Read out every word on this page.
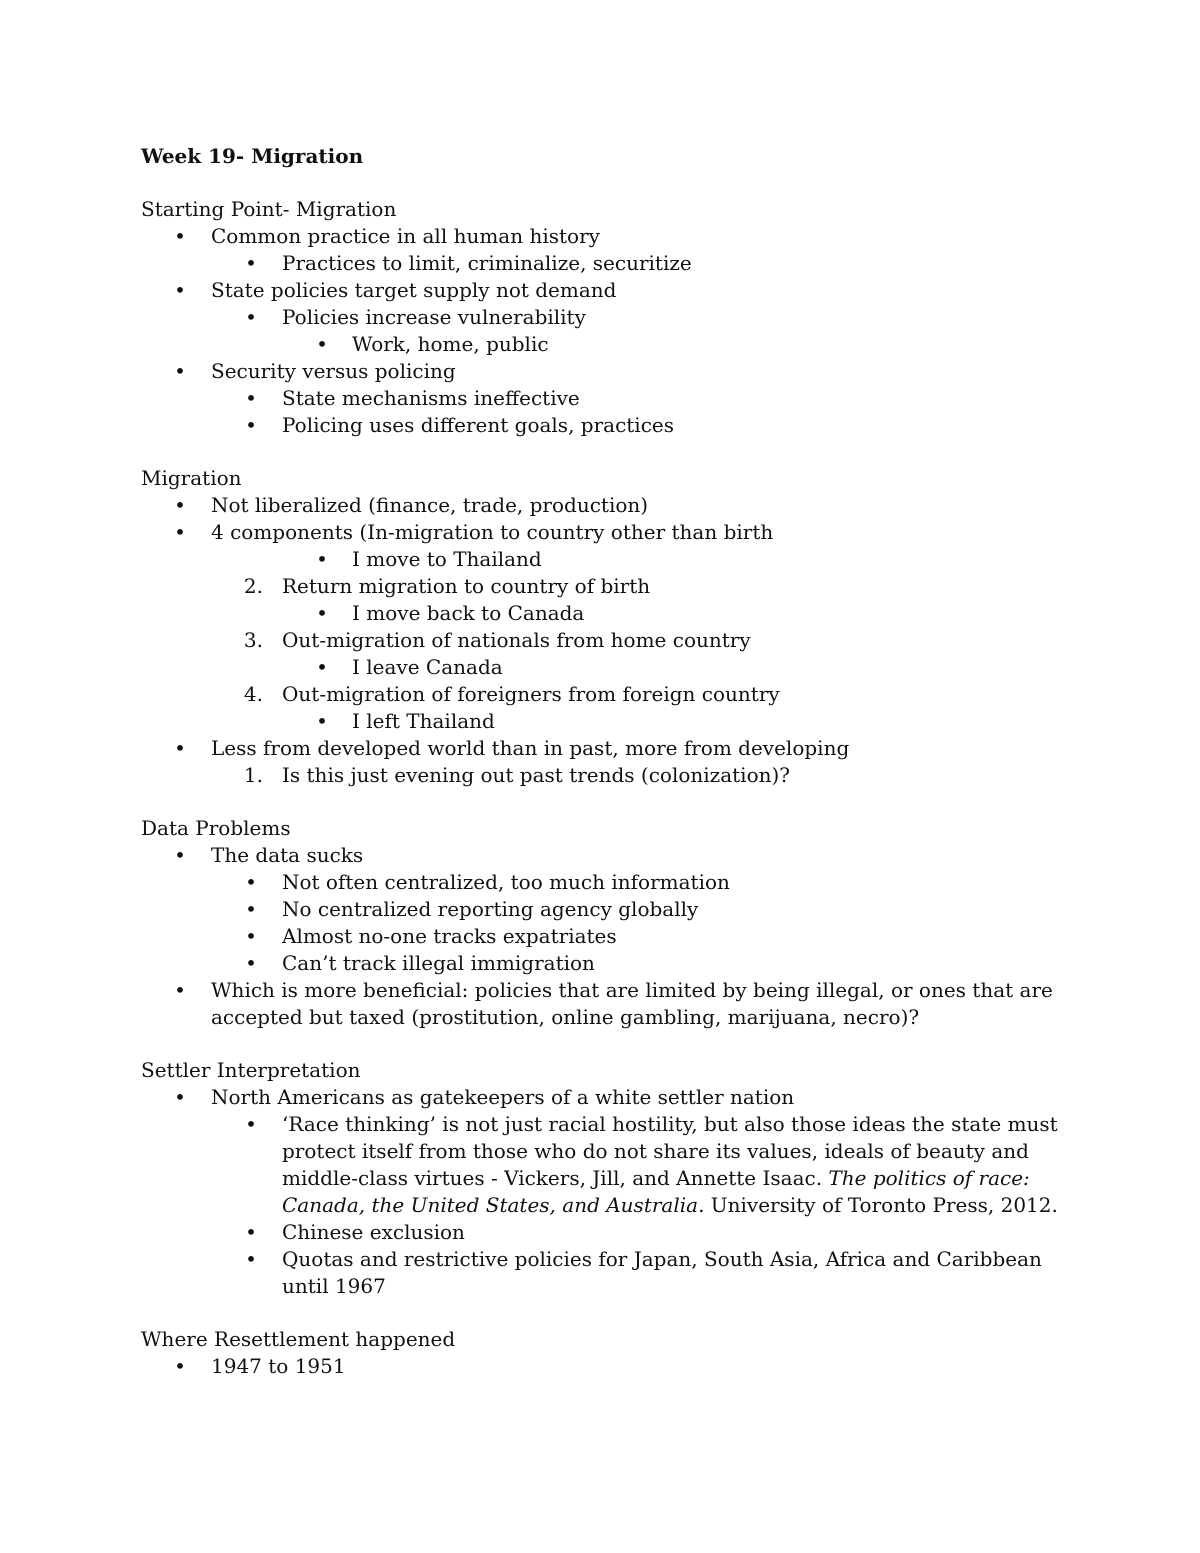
Week 19- Migration
Starting Point- Migration
•	Common practice in all human history
•	Practices to limit, criminalize, securitize
•	State policies target supply not demand
•	Policies increase vulnerability
•	Work, home, public
•	Security versus policing
•	State mechanisms ineffective
•	Policing uses different goals, practices
Migration
•	Not liberalized (finance, trade, production)
•	4 components (In-migration to country other than birth
•	I move to Thailand
2. Return migration to country of birth
•	I move back to Canada
3. Out-migration of nationals from home country
•	I leave Canada
4. Out-migration of foreigners from foreign country
•	I left Thailand
•	Less from developed world than in past, more from developing
1. Is this just evening out past trends (colonization)?
Data Problems
•	The data sucks
•	Not often centralized, too much information
•	No centralized reporting agency globally
•	Almost no-one tracks expatriates
•	Can’t track illegal immigration
•	Which is more beneficial: policies that are limited by being illegal, or ones that are accepted but taxed (prostitution, online gambling, marijuana, necro)?
Settler Interpretation
•	North Americans as gatekeepers of a white settler nation
•	‘Race thinking’ is not just racial hostility, but also those ideas the state must protect itself from those who do not share its values, ideals of beauty and middle-class virtues - Vickers, Jill, and Annette Isaac. The politics of race: Canada, the United States, and Australia. University of Toronto Press, 2012.
•	Chinese exclusion
•	Quotas and restrictive policies for Japan, South Asia, Africa and Caribbean until 1967
Where Resettlement happened
•	1947 to 1951
